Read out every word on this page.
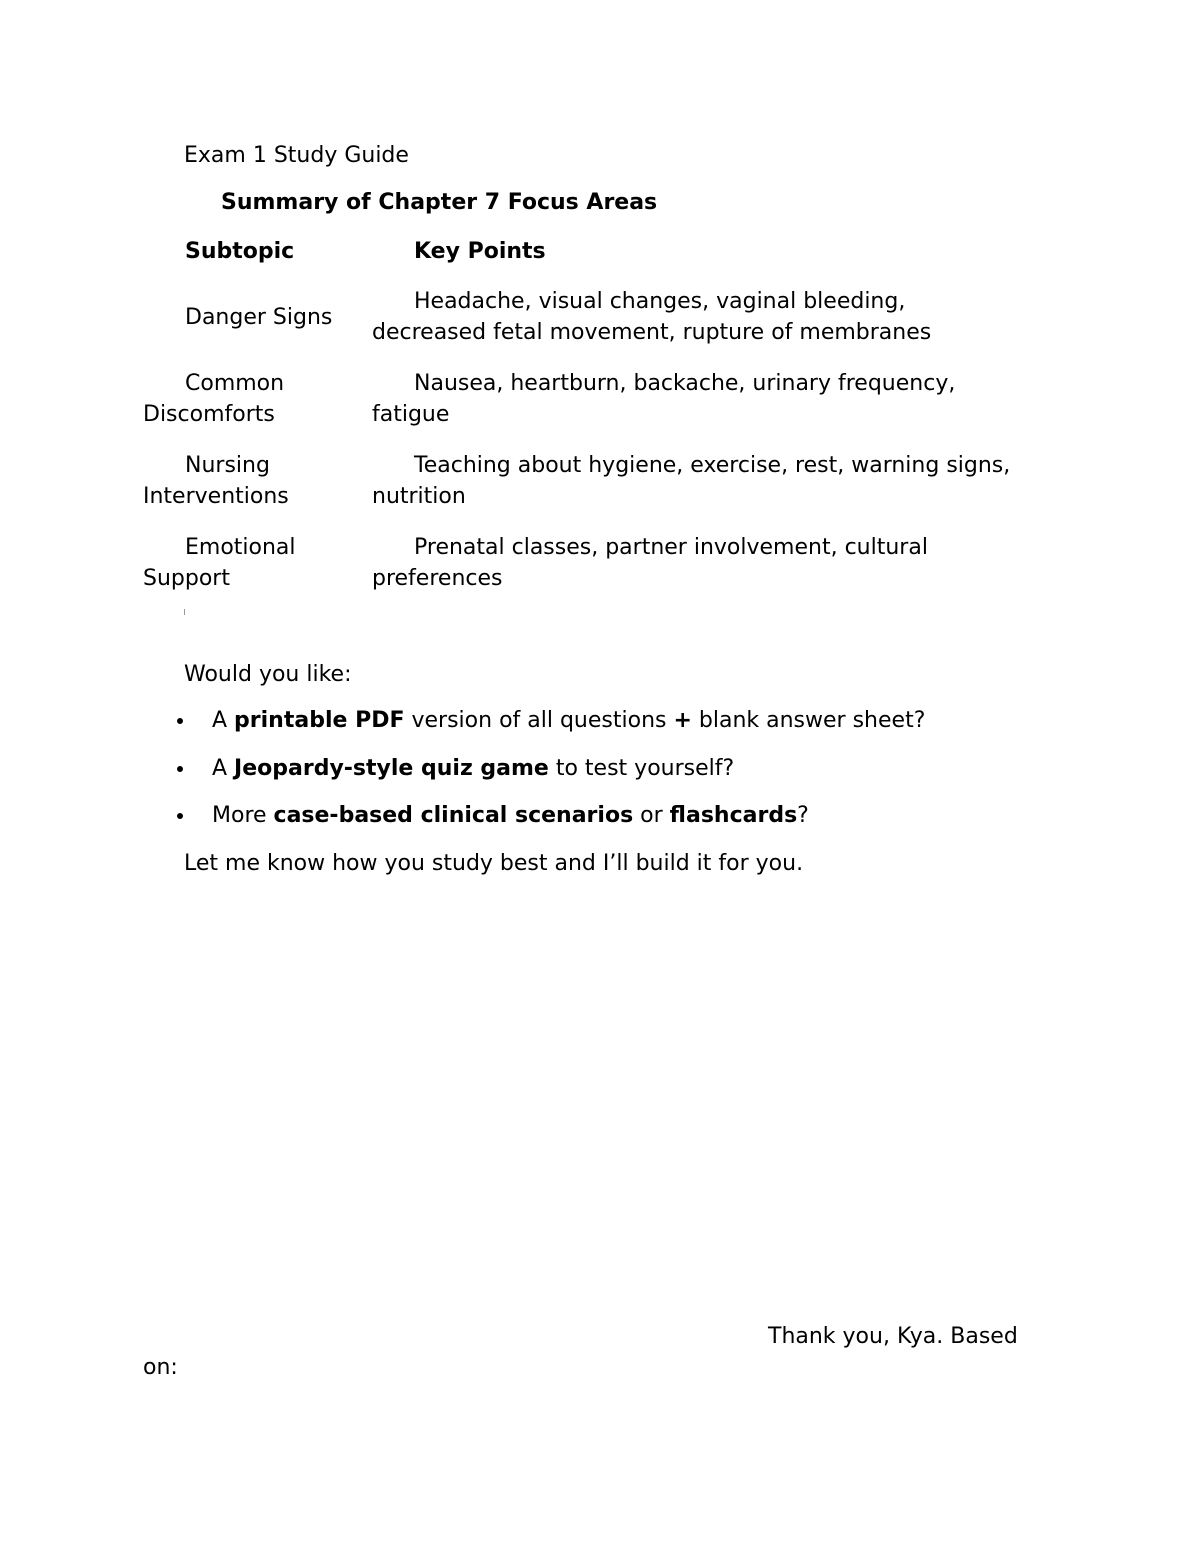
Exam 1 Study Guide
Summary of Chapter 7 Focus Areas
Subtopic	Key Points
Danger Signs
Headache, visual changes, vaginal bleeding,
decreased fetal movement, rupture of membranes
Common
Discomforts
Nausea, heartburn, backache, urinary frequency,
fatigue
Nursing
Interventions
Teaching about hygiene, exercise, rest, warning signs,
nutrition
Emotional
Support
Prenatal classes, partner involvement, cultural
preferences
Would you like:
A printable PDF version of all questions + blank answer sheet?
A Jeopardy-style quiz game to test yourself?
More case-based clinical scenarios or flashcards?
Let me know how you study best and I’ll build it for you.
Thank you, Kya. Based
on:
